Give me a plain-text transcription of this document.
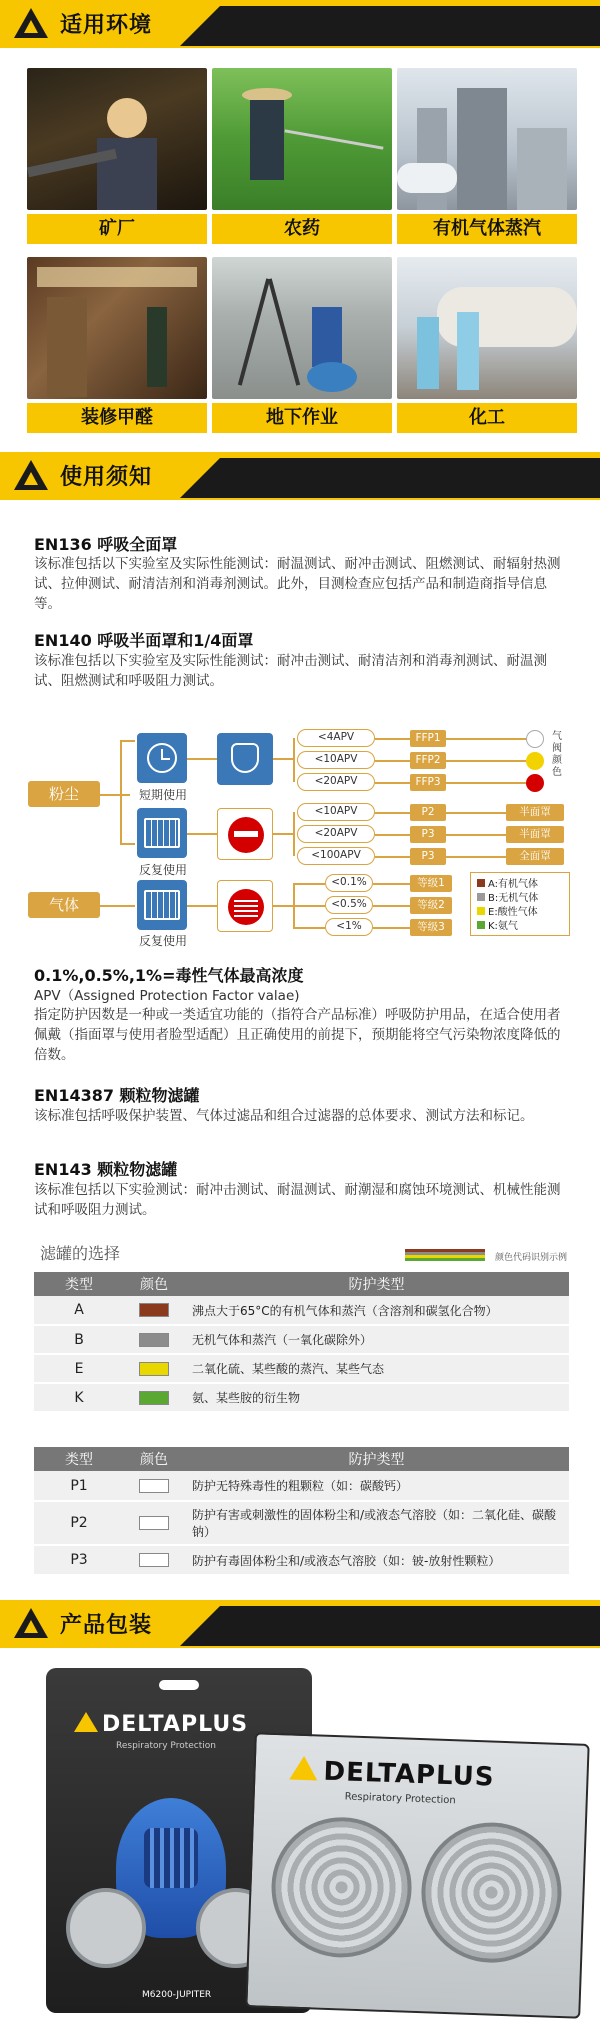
适用环境
矿厂	农药	有机气体蒸汽
装修甲醛	地下作业	化工
使用须知
EN136 呼吸全面罩
该标准包括以下实验室及实际性能测试：耐温测试、耐冲击测试、阻燃测试、耐辐射热测试、拉伸测试、耐清洁剂和消毒剂测试。此外，目测检查应包括产品和制造商指导信息等。
EN140 呼吸半面罩和1/4面罩
该标准包括以下实验室及实际性能测试：耐冲击测试、耐清洁剂和消毒剂测试、耐温测试、阻燃测试和呼吸阻力测试。
粉尘
气体
短期使用
反复使用
反复使用
<4APV	FFP1
<10APV	FFP2
<20APV	FFP3
气
阀
颜
色
<10APV	P2	半面罩
<20APV	P3	半面罩
<100APV	P3	全面罩
<0.1%	等级1
<0.5%	等级2
<1%	等级3
A:有机气体
B:无机气体
E:酸性气体
K:氨气
0.1%,0.5%,1%=毒性气体最高浓度
APV（Assigned Protection Factor valae)
指定防护因数是一种或一类适宜功能的（指符合产品标准）呼吸防护用品，在适合使用者佩戴（指面罩与使用者脸型适配）且正确使用的前提下，预期能将空气污染物浓度降低的倍数。
EN14387 颗粒物滤罐
该标准包括呼吸保护装置、气体过滤品和组合过滤器的总体要求、测试方法和标记。
EN143 颗粒物滤罐
该标准包括以下实验测试：耐冲击测试、耐温测试、耐潮湿和腐蚀环境测试、机械性能测试和呼吸阻力测试。
滤罐的选择	颜色代码识别示例
类型	颜色	防护类型
A		沸点大于65°C的有机气体和蒸汽（含溶剂和碳氢化合物）
B		无机气体和蒸汽（一氧化碳除外）
E		二氧化硫、某些酸的蒸汽、某些气态
K		氨、某些胺的衍生物
类型	颜色	防护类型
P1		防护无特殊毒性的粗颗粒（如：碳酸钙）
P2		防护有害或刺激性的固体粉尘和/或液态气溶胶（如：二氧化硅、碳酸钠）
P3		防护有毒固体粉尘和/或液态气溶胶（如：铍-放射性颗粒）
产品包装
DELTAPLUS
Respiratory Protection
M6200-JUPITER
DELTAPLUS
Respiratory Protection
